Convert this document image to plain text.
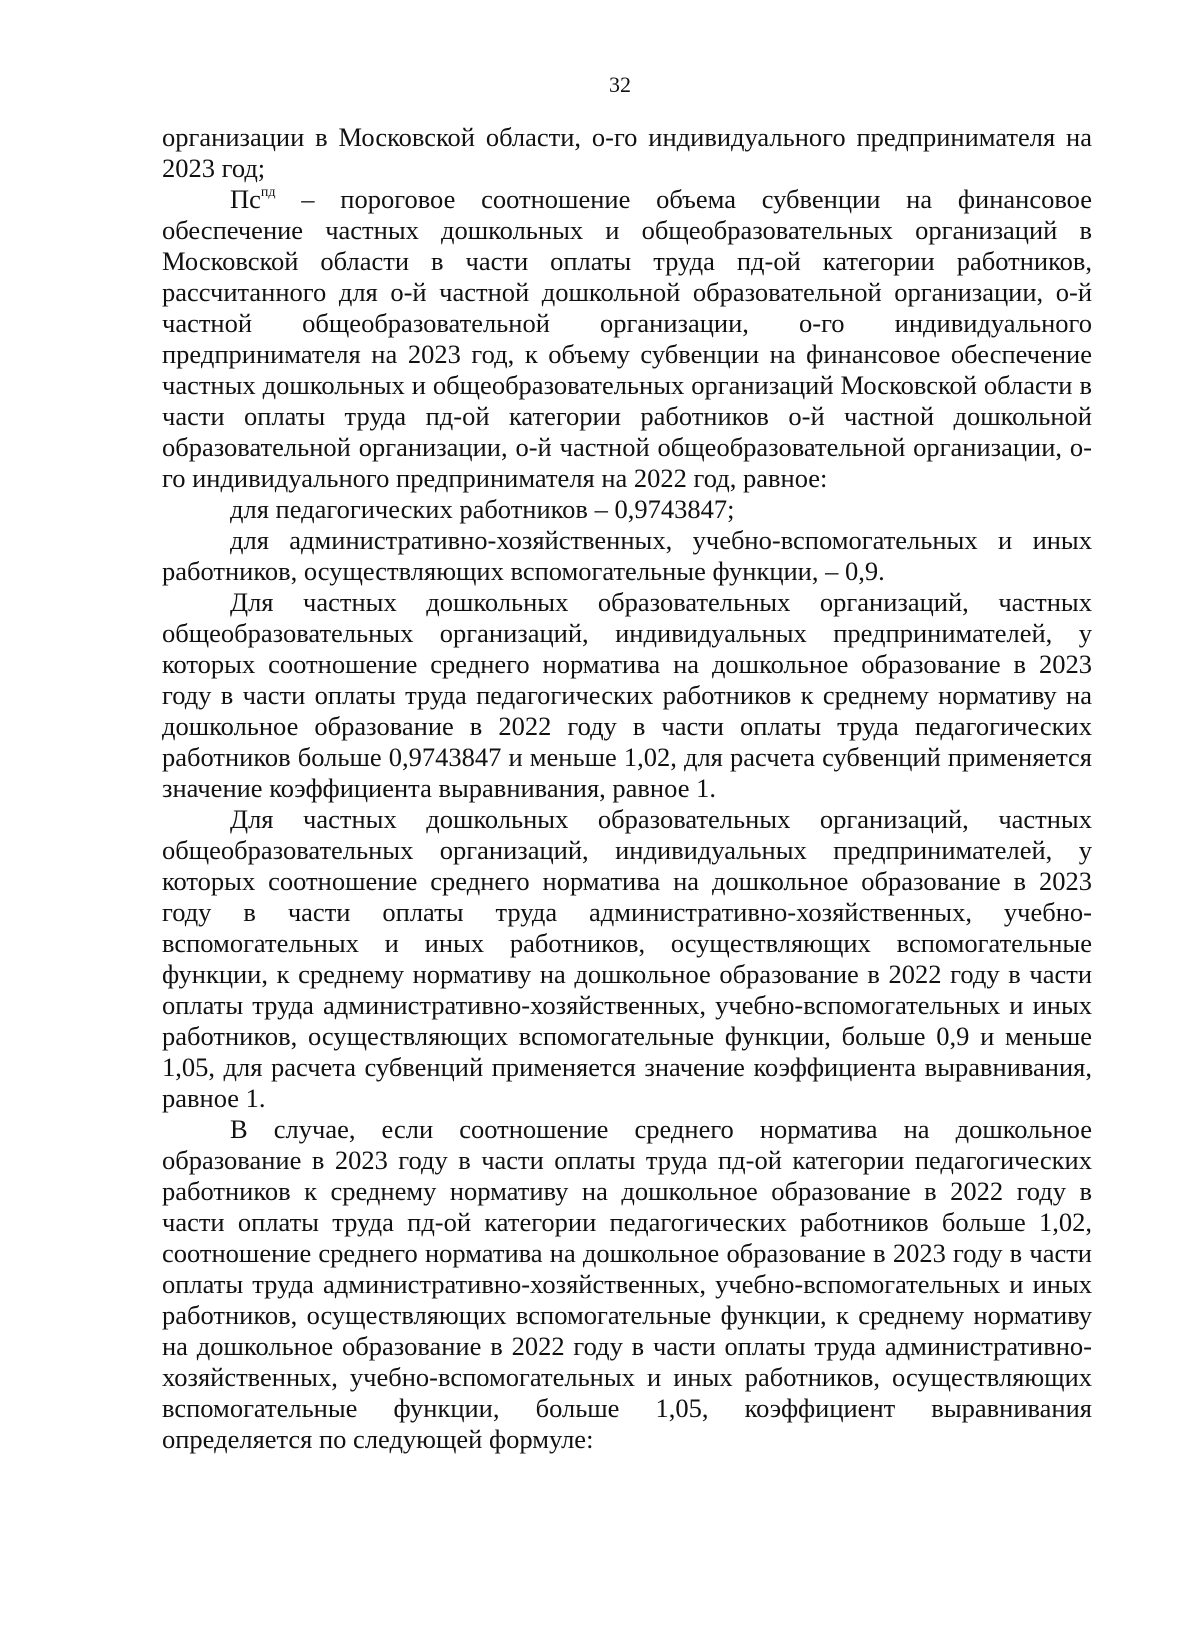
32

организации в Московской области, о-го индивидуального предпринимателя на 2023 год;

$Пс^{пд}$ – пороговое соотношение объема субвенции на финансовое обеспечение частных дошкольных и общеобразовательных организаций в Московской области в части оплаты труда пд-ой категории работников, рассчитанного для о-й частной дошкольной образовательной организации, о-й частной общеобразовательной организации, о-го индивидуального предпринимателя на 2023 год, к объему субвенции на финансовое обеспечение частных дошкольных и общеобразовательных организаций Московской области в части оплаты труда пд-ой категории работников о-й частной дошкольной образовательной организации, о-й частной общеобразовательной организации, о-го индивидуального предпринимателя на 2022 год, равное:

для педагогических работников – 0,9743847;

для административно-хозяйственных, учебно-вспомогательных и иных работников, осуществляющих вспомогательные функции, – 0,9.

Для частных дошкольных образовательных организаций, частных общеобразовательных организаций, индивидуальных предпринимателей, у которых соотношение среднего норматива на дошкольное образование в 2023 году в части оплаты труда педагогических работников к среднему нормативу на дошкольное образование в 2022 году в части оплаты труда педагогических работников больше 0,9743847 и меньше 1,02, для расчета субвенций применяется значение коэффициента выравнивания, равное 1.

Для частных дошкольных образовательных организаций, частных общеобразовательных организаций, индивидуальных предпринимателей, у которых соотношение среднего норматива на дошкольное образование в 2023 году в части оплаты труда административно-хозяйственных, учебно-вспомогательных и иных работников, осуществляющих вспомогательные функции, к среднему нормативу на дошкольное образование в 2022 году в части оплаты труда административно-хозяйственных, учебно-вспомогательных и иных работников, осуществляющих вспомогательные функции, больше 0,9 и меньше 1,05, для расчета субвенций применяется значение коэффициента выравнивания, равное 1.

В случае, если соотношение среднего норматива на дошкольное образование в 2023 году в части оплаты труда пд-ой категории педагогических работников к среднему нормативу на дошкольное образование в 2022 году в части оплаты труда пд-ой категории педагогических работников больше 1,02, соотношение среднего норматива на дошкольное образование в 2023 году в части оплаты труда административно-хозяйственных, учебно-вспомогательных и иных работников, осуществляющих вспомогательные функции, к среднему нормативу на дошкольное образование в 2022 году в части оплаты труда административно-хозяйственных, учебно-вспомогательных и иных работников, осуществляющих вспомогательные функции, больше 1,05, коэффициент выравнивания определяется по следующей формуле:
